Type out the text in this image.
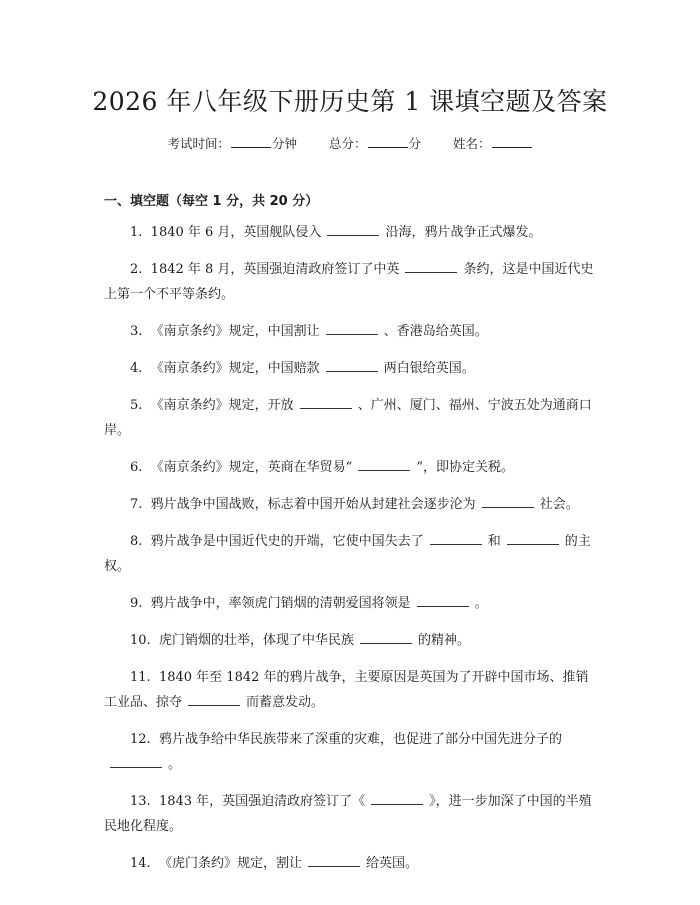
2026 年八年级下册历史第 1 课填空题及答案
考试时间：	分钟	总分：	分	姓名：
一、填空题（每空 1 分，共 20 分）

1.  1840 年 6 月，英国舰队侵入	沿海，鸦片战争正式爆发。

2.  1842 年 8 月，英国强迫清政府签订了中英	条约，这是中国近代史上第一个不平等条约。

3.  《南京条约》规定，中国割让	、香港岛给英国。

4.  《南京条约》规定，中国赔款	两白银给英国。

5.  《南京条约》规定，开放	、广州、厦门、福州、宁波五处为通商口岸。

6.  《南京条约》规定，英商在华贸易“	”，即协定关税。

7.  鸦片战争中国战败，标志着中国开始从封建社会逐步沦为	社会。

8.  鸦片战争是中国近代史的开端，它使中国失去了	和	的主权。

9.  鸦片战争中，率领虎门销烟的清朝爱国将领是	。

10.  虎门销烟的壮举，体现了中华民族	的精神。

11.  1840 年至 1842 年的鸦片战争，主要原因是英国为了开辟中国市场、推销工业品、掠夺	而蓄意发动。

12.  鸦片战争给中华民族带来了深重的灾难，也促进了部分中国先进分子的。

13.  1843 年，英国强迫清政府签订了《	》，进一步加深了中国的半殖民地化程度。

14.  《虎门条约》规定，割让	给英国。
